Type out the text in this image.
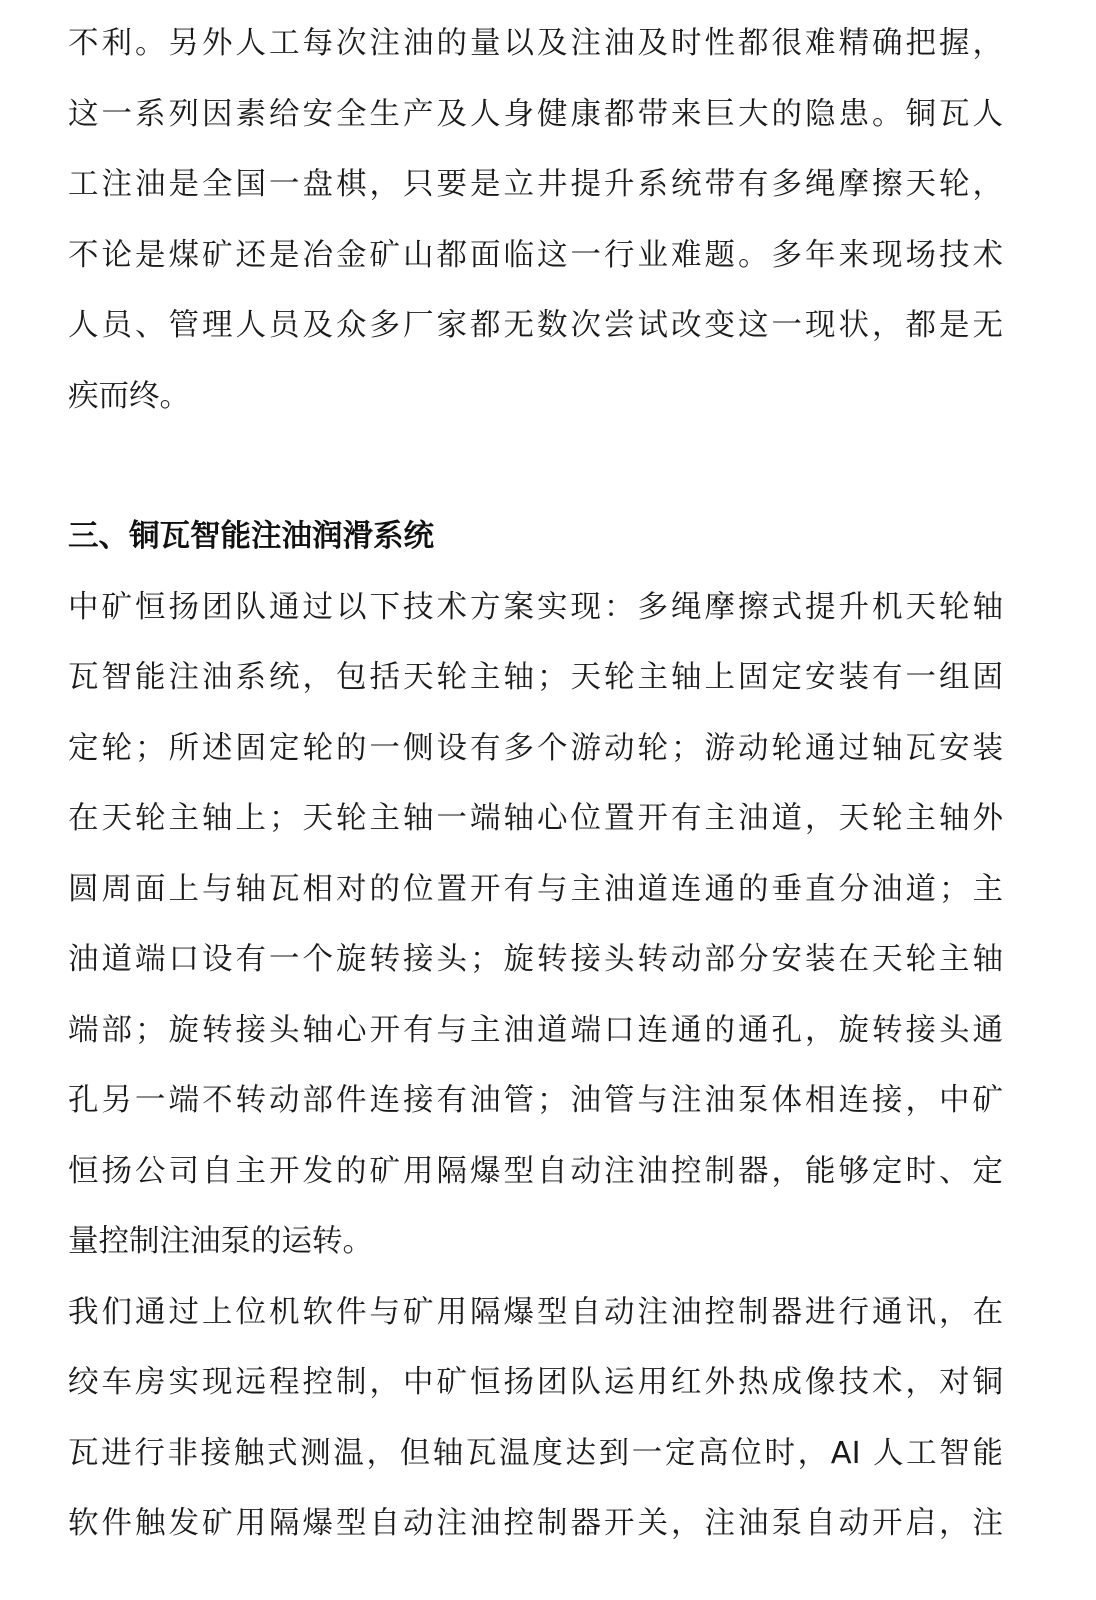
不利。另外人工每次注油的量以及注油及时性都很难精确把握，
这一系列因素给安全生产及人身健康都带来巨大的隐患。铜瓦人
工注油是全国一盘棋，只要是立井提升系统带有多绳摩擦天轮，
不论是煤矿还是冶金矿山都面临这一行业难题。多年来现场技术
人员、管理人员及众多厂家都无数次尝试改变这一现状，都是无
疾而终。
三、铜瓦智能注油润滑系统
中矿恒扬团队通过以下技术方案实现：多绳摩擦式提升机天轮轴
瓦智能注油系统，包括天轮主轴；天轮主轴上固定安装有一组固
定轮；所述固定轮的一侧设有多个游动轮；游动轮通过轴瓦安装
在天轮主轴上；天轮主轴一端轴心位置开有主油道，天轮主轴外
圆周面上与轴瓦相对的位置开有与主油道连通的垂直分油道；主
油道端口设有一个旋转接头；旋转接头转动部分安装在天轮主轴
端部；旋转接头轴心开有与主油道端口连通的通孔，旋转接头通
孔另一端不转动部件连接有油管；油管与注油泵体相连接，中矿
恒扬公司自主开发的矿用隔爆型自动注油控制器，能够定时、定
量控制注油泵的运转。
我们通过上位机软件与矿用隔爆型自动注油控制器进行通讯，在
绞车房实现远程控制，中矿恒扬团队运用红外热成像技术，对铜
瓦进行非接触式测温，但轴瓦温度达到一定高位时，AI 人工智能
软件触发矿用隔爆型自动注油控制器开关，注油泵自动开启，注
